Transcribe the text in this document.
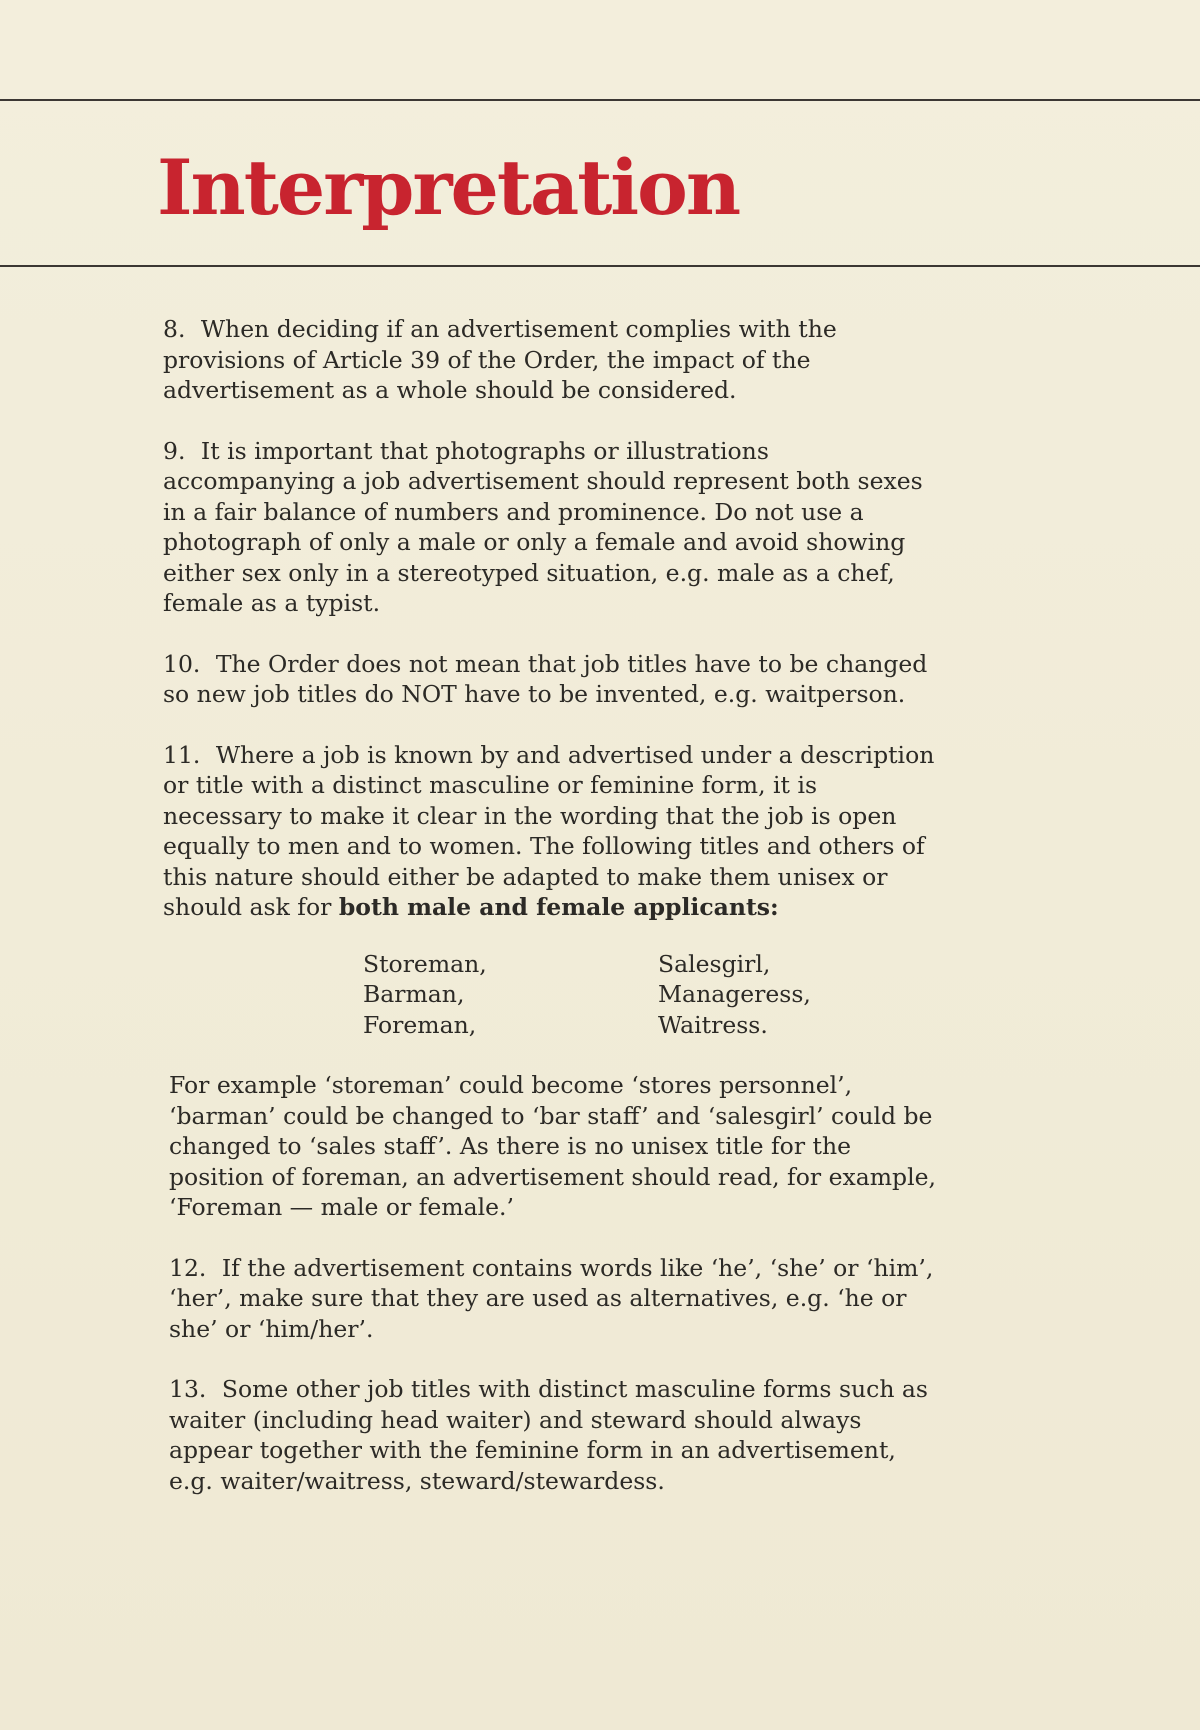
Interpretation

8. When deciding if an advertisement complies with the provisions of Article 39 of the Order, the impact of the advertisement as a whole should be considered.

9. It is important that photographs or illustrations accompanying a job advertisement should represent both sexes in a fair balance of numbers and prominence. Do not use a photograph of only a male or only a female and avoid showing either sex only in a stereotyped situation, e.g. male as a chef, female as a typist.

10. The Order does not mean that job titles have to be changed so new job titles do NOT have to be invented, e.g. waitperson.

11. Where a job is known by and advertised under a description or title with a distinct masculine or feminine form, it is necessary to make it clear in the wording that the job is open equally to men and to women. The following titles and others of this nature should either be adapted to make them unisex or should ask for both male and female applicants:

Storeman,
Barman,
Foreman,
Salesgirl,
Manageress,
Waitress.

For example ‘storeman’ could become ‘stores personnel’, ‘barman’ could be changed to ‘bar staff’ and ‘salesgirl’ could be changed to ‘sales staff’. As there is no unisex title for the position of foreman, an advertisement should read, for example, ‘Foreman — male or female.’

12. If the advertisement contains words like ‘he’, ‘she’ or ‘him’, ‘her’, make sure that they are used as alternatives, e.g. ‘he or she’ or ‘him/her’.

13. Some other job titles with distinct masculine forms such as waiter (including head waiter) and steward should always appear together with the feminine form in an advertisement, e.g. waiter/waitress, steward/stewardess.
